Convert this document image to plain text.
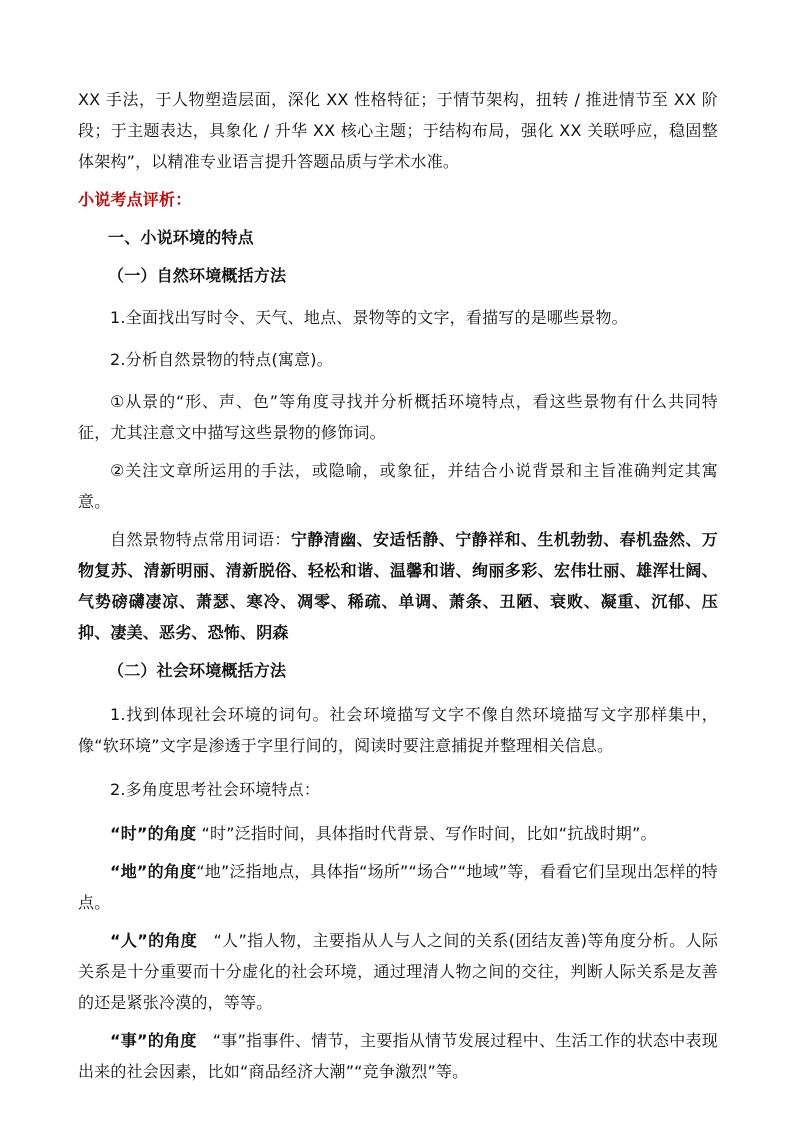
XX 手法，于人物塑造层面，深化 XX 性格特征；于情节架构，扭转 / 推进情节至 XX 阶段；于主题表达，具象化 / 升华 XX 核心主题；于结构布局，强化 XX 关联呼应，稳固整体架构”，以精准专业语言提升答题品质与学术水准。

小说考点评析：

一、小说环境的特点

（一）自然环境概括方法

1.全面找出写时令、天气、地点、景物等的文字，看描写的是哪些景物。

2.分析自然景物的特点(寓意)。

①从景的“形、声、色”等角度寻找并分析概括环境特点，看这些景物有什么共同特征，尤其注意文中描写这些景物的修饰词。

②关注文章所运用的手法，或隐喻，或象征，并结合小说背景和主旨准确判定其寓意。

自然景物特点常用词语：宁静清幽、安适恬静、宁静祥和、生机勃勃、春机盎然、万物复苏、清新明丽、清新脱俗、轻松和谐、温馨和谐、绚丽多彩、宏伟壮丽、雄浑壮阔、气势磅礴凄凉、萧瑟、寒冷、凋零、稀疏、单调、萧条、丑陋、衰败、凝重、沉郁、压抑、凄美、恶劣、恐怖、阴森

（二）社会环境概括方法

1.找到体现社会环境的词句。社会环境描写文字不像自然环境描写文字那样集中，像“软环境”文字是渗透于字里行间的，阅读时要注意捕捉并整理相关信息。

2.多角度思考社会环境特点：

“时”的角度 “时”泛指时间，具体指时代背景、写作时间，比如“抗战时期”。

“地”的角度“地”泛指地点，具体指“场所”“场合”“地域”等，看看它们呈现出怎样的特点。

“人”的角度 “人”指人物，主要指从人与人之间的关系(团结友善)等角度分析。人际关系是十分重要而十分虚化的社会环境，通过理清人物之间的交往，判断人际关系是友善的还是紧张冷漠的，等等。

“事”的角度 “事”指事件、情节，主要指从情节发展过程中、生活工作的状态中表现出来的社会因素，比如“商品经济大潮”“竞争激烈”等。
